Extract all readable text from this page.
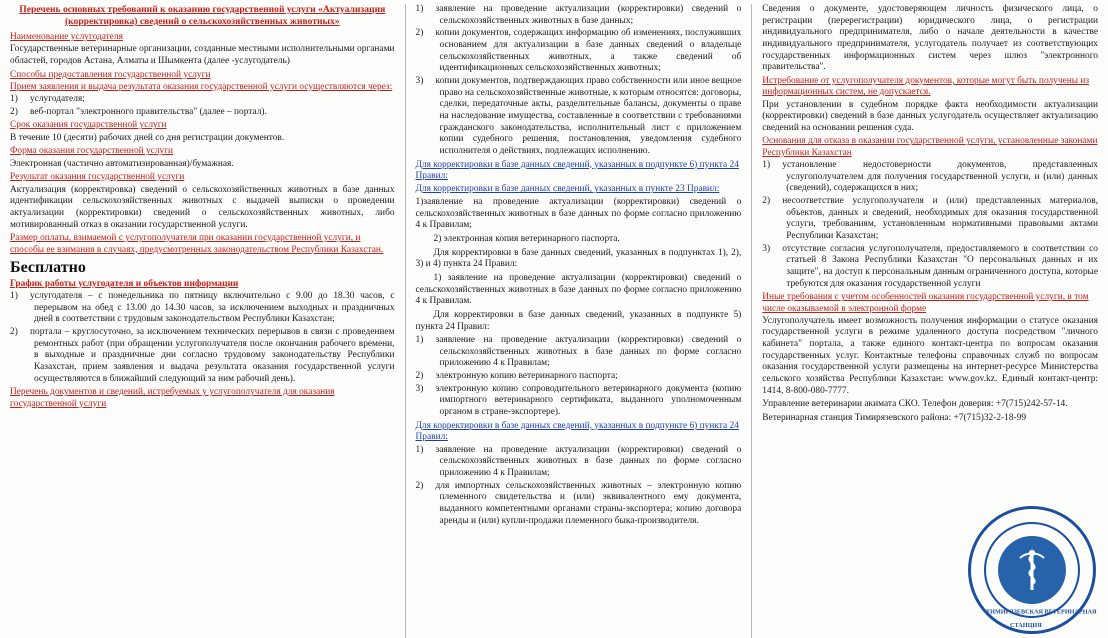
Перечень основных требований к оказанию государственной услуги «Актуализация (корректировка) сведений о сельскохозяйственных животных»
Наименование услугодателя

Государственные ветеринарные организации, созданные местными исполнительными органами областей, городов Астана, Алматы и Шымкента (далее -услугодатель)

Способы предоставления государственной услуги
Прием заявления и выдача результата оказания государственной услуги осуществляются через:
1) услугодателя;
2) веб-портал "электронного правительства" (далее – портал).
Срок оказания государственной услуги

В течение 10 (десяти) рабочих дней со дня регистрации документов.

Форма оказания государственной услуги

Электронная (частично автоматизированная)/бумажная.

Результат оказания государственной услуги

Актуализация (корректировка) сведений о сельскохозяйственных животных в базе данных идентификации сельскохозяйственных животных с выдачей выписки о проведении актуализации (корректировки) сведений о сельскохозяйственных животных, либо мотивированный отказ в оказании государственной услуги.

Размер оплаты, взимаемой с услугополучателя при оказании государственной услуги, и способы ее взимания в случаях, предусмотренных законодательством Республики Казахстан.
Бесплатно
График работы услугодателя и объектов информации
1) услугодателя – с понедельника по пятницу включительно с 9.00 до 18.30 часов, с перерывом на обед с 13.00 до 14.30 часов, за исключением выходных и праздничных дней в соответствии с трудовым законодательством Республики Казахстан;
2) портала – круглосуточно, за исключением технических перерывов в связи с проведением ремонтных работ (при обращении услугополучателя после окончания рабочего времени, в выходные и праздничные дни согласно трудовому законодательству Республики Казахстан, прием заявления и выдача результата оказания государственной услуги осуществляются в ближайший следующий за ним рабочий день).
Перечень документов и сведений, истребуемых у услугополучателя для оказания государственной услуги
1) заявление на проведение актуализации (корректировки) сведений о сельскохозяйственных животных в базе данных;
2) копии документов, содержащих информацию об изменениях, послуживших основанием для актуализации в базе данных сведений о владельце сельскохозяйственных животных, а также сведений об идентификационных сельскохозяйственных животных;
3) копии документов, подтверждающих право собственности или иное вещное право на сельскохозяйственные животные, к которым относятся: договоры, сделки, передаточные акты, разделительные балансы, документы о праве на наследование имущества, составленные в соответствии с требованиями гражданского законодательства, исполнительный лист с приложением копии судебного решения, постановления, уведомления судебного исполнителя о действиях, подлежащих исполнению.
Для корректировки в базе данных сведений, указанных в подпункте 6) пункта 24 Правил:
Для корректировки в базе данных сведений, указанных в пункте 23 Правил:

1)заявление на проведение актуализации (корректировки) сведений о сельскохозяйственных животных в базе данных по форме согласно приложению 4 к Правилам;

2) электронная копия ветеринарного паспорта.

Для корректировки в базе данных сведений, указанных в подпунктах 1), 2), 3) и 4) пункта 24 Правил:

1) заявление на проведение актуализации (корректировки) сведений о сельскохозяйственных животных в базе данных по форме согласно приложению 4 к Правилам.

Для корректировки в базе данных сведений, указанных в подпункте 5) пункта 24 Правил:

1) заявление на проведение актуализации (корректировки) сведений о сельскохозяйственных животных в базе данных по форме согласно приложению 4 к Правилам;
2) электронную копию ветеринарного паспорта;
3) электронную копию сопроводительного ветеринарного документа (копию импортного ветеринарного сертификата, выданного уполномоченным органом в стране-экспортере).
Для корректировки в базе данных сведений, указанных в подпункте 6) пункта 24 Правил:
1) заявление на проведение актуализации (корректировки) сведений о сельскохозяйственных животных в базе данных по форме согласно приложению 4 к Правилам;
2) для импортных сельскохозяйственных животных – электронную копию племенного свидетельства и (или) эквивалентного ему документа, выданного компетентными органами страны-экспортера; копию договора аренды и (или) купли-продажи племенного быка-производителя.

Сведения о документе, удостоверяющем личность физического лица, о регистрации (перерегистрации) юридического лица, о регистрации индивидуального предпринимателя, либо о начале деятельности в качестве индивидуального предпринимателя, услугодатель получает из соответствующих государственных информационных систем через шлюз "электронного правительства".

Истребование от услугополучателя документов, которые могут быть получены из информационных систем, не допускается.

При установлении в судебном порядке факта необходимости актуализации (корректировки) сведений в базе данных услугодатель осуществляет актуализацию сведений на основании решения суда.

Основания для отказа в оказании государственной услуги, установленные законами Республики Казахстан
1) установление недостоверности документов, представленных услугополучателем для получения государственной услуги, и (или) данных (сведений), содержащихся в них;
2) несоответствие услугополучателя и (или) представленных материалов, объектов, данных и сведений, необходимых для оказания государственной услуги, требованиям, установленным нормативными правовыми актами Республики Казахстан;
3) отсутствие согласия услугополучателя, предоставляемого в соответствии со статьей 8 Закона Республики Казахстан "О персональных данных и их защите", на доступ к персональным данным ограниченного доступа, которые требуются для оказания государственной услуги
Иные требования с учетом особенностей оказания государственной услуги, в том числе оказываемой в электронной форме

Услугополучатель имеет возможность получения информации о статусе оказания государственной услуги в режиме удаленного доступа посредством "личного кабинета" портала, а также единого контакт-центра по вопросам оказания государственных услуг. Контактные телефоны справочных служб по вопросам оказания государственной услуги размещены на интернет-ресурсе Министерства сельского хозяйства Республики Казахстан: www.gov.kz. Единый контакт-центр: 1414, 8-800-080-7777.

Управление ветеринарии акимата СКО. Телефон доверия: +7(715)242-57-14.

Ветеринарная станция Тимирязевского района: +7(715)32-2-18-99

ТИМИРЯЗЕВСКАЯ ВЕТЕРИНАРНАЯ
СТАНЦИЯ
